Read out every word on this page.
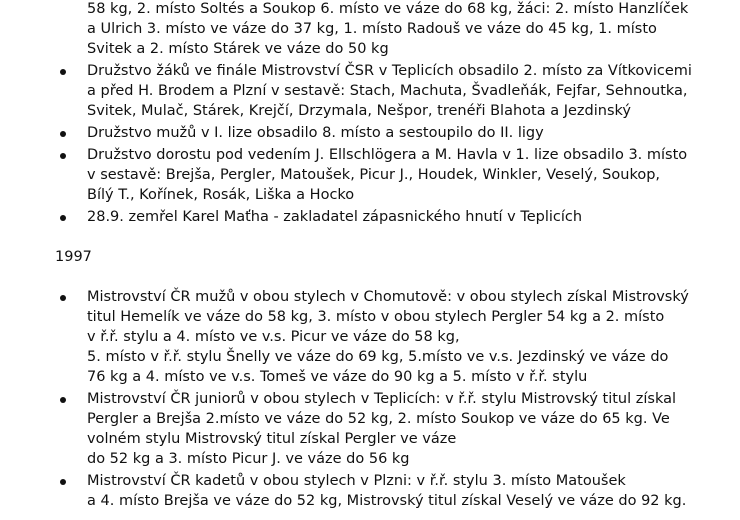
58 kg, 2. místo Soltés a Soukop 6. místo ve váze do 68 kg, žáci: 2. místo Hanzlíček
a Ulrich 3. místo ve váze do 37 kg, 1. místo Radouš ve váze do 45 kg, 1. místo
Svitek a 2. místo Stárek ve váze do 50 kg
Družstvo žáků ve finále Mistrovství ČSR v Teplicích obsadilo 2. místo za Vítkovicemi
a před H. Brodem a Plzní v sestavě: Stach, Machuta, Švadleňák, Fejfar, Sehnoutka,
Svitek, Mulač, Stárek, Krejčí, Drzymala, Nešpor, trenéři Blahota a Jezdinský
Družstvo mužů v I. lize obsadilo 8. místo a sestoupilo do II. ligy
Družstvo dorostu pod vedením J. Ellschlögera a M. Havla v 1. lize obsadilo 3. místo
v sestavě: Brejša, Pergler, Matoušek, Picur J., Houdek, Winkler, Veselý, Soukop,
Bílý T., Kořínek, Rosák, Liška a Hocko
28.9. zemřel Karel Maťha - zakladatel zápasnického hnutí v Teplicích
1997
Mistrovství ČR mužů v obou stylech v Chomutově: v obou stylech získal Mistrovský
titul Hemelík ve váze do 58 kg, 3. místo v obou stylech Pergler 54 kg a 2. místo
v ř.ř. stylu a 4. místo ve v.s. Picur ve váze do 58 kg,
5. místo v ř.ř. stylu Šnelly ve váze do 69 kg, 5.místo ve v.s. Jezdinský ve váze do
76 kg a 4. místo ve v.s. Tomeš ve váze do 90 kg a 5. místo v ř.ř. stylu
Mistrovství ČR juniorů v obou stylech v Teplicích: v ř.ř. stylu Mistrovský titul získal
Pergler a Brejša 2.místo ve váze do 52 kg, 2. místo Soukop ve váze do 65 kg. Ve
volném stylu Mistrovský titul získal Pergler ve váze
do 52 kg a 3. místo Picur J. ve váze do 56 kg
Mistrovství ČR kadetů v obou stylech v Plzni: v ř.ř. stylu 3. místo Matoušek
a 4. místo Brejša ve váze do 52 kg, Mistrovský titul získal Veselý ve váze do 92 kg.
